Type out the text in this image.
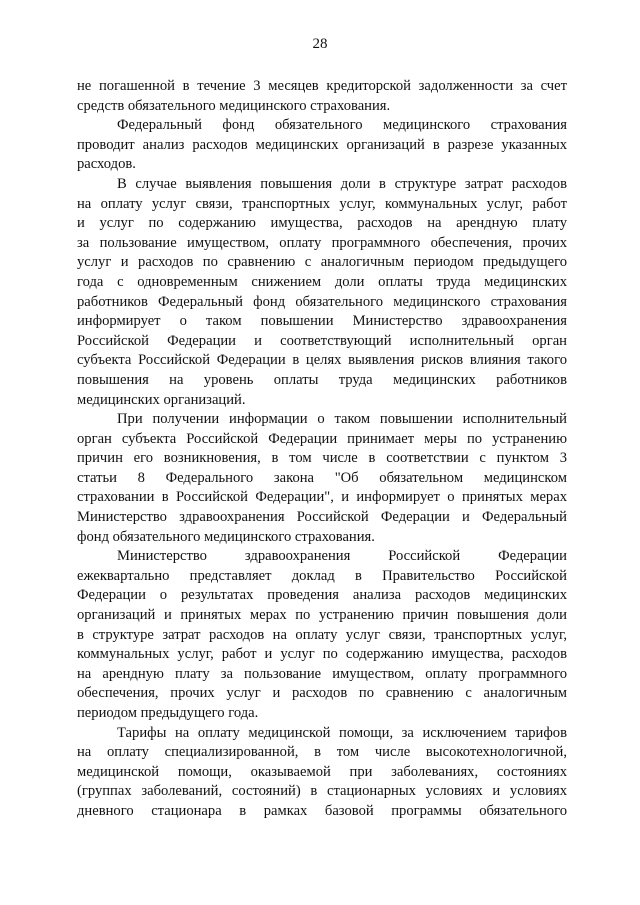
28
не погашенной в течение 3 месяцев кредиторской задолженности за счет
средств обязательного медицинского страхования.
Федеральный фонд обязательного медицинского страхования
проводит анализ расходов медицинских организаций в разрезе указанных
расходов.
В случае выявления повышения доли в структуре затрат расходов
на оплату услуг связи, транспортных услуг, коммунальных услуг, работ
и услуг по содержанию имущества, расходов на арендную плату
за пользование имуществом, оплату программного обеспечения, прочих
услуг и расходов по сравнению с аналогичным периодом предыдущего
года с одновременным снижением доли оплаты труда медицинских
работников Федеральный фонд обязательного медицинского страхования
информирует о таком повышении Министерство здравоохранения
Российской Федерации и соответствующий исполнительный орган
субъекта Российской Федерации в целях выявления рисков влияния такого
повышения на уровень оплаты труда медицинских работников
медицинских организаций.
При получении информации о таком повышении исполнительный
орган субъекта Российской Федерации принимает меры по устранению
причин его возникновения, в том числе в соответствии с пунктом 3
статьи 8 Федерального закона "Об обязательном медицинском
страховании в Российской Федерации", и информирует о принятых мерах
Министерство здравоохранения Российской Федерации и Федеральный
фонд обязательного медицинского страхования.
Министерство здравоохранения Российской Федерации
ежеквартально представляет доклад в Правительство Российской
Федерации о результатах проведения анализа расходов медицинских
организаций и принятых мерах по устранению причин повышения доли
в структуре затрат расходов на оплату услуг связи, транспортных услуг,
коммунальных услуг, работ и услуг по содержанию имущества, расходов
на арендную плату за пользование имуществом, оплату программного
обеспечения, прочих услуг и расходов по сравнению с аналогичным
периодом предыдущего года.
Тарифы на оплату медицинской помощи, за исключением тарифов
на оплату специализированной, в том числе высокотехнологичной,
медицинской помощи, оказываемой при заболеваниях, состояниях
(группах заболеваний, состояний) в стационарных условиях и условиях
дневного стационара в рамках базовой программы обязательного
